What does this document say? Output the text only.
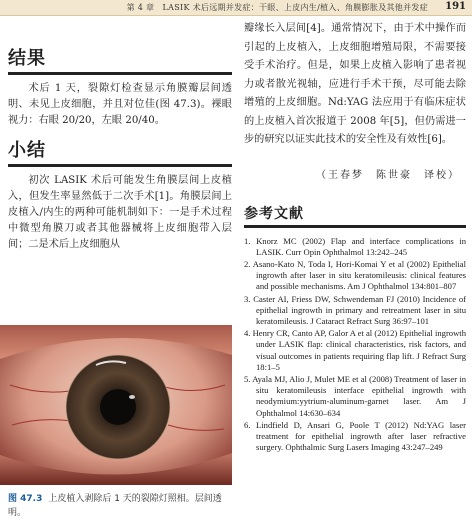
第 4 章　LASIK 术后远期并发症：干眼、上皮内生/植入、角膜膨胀及其他并发症 191
结果

术后 1 天，裂隙灯检查显示角膜瓣层间透明、未见上皮细胞，并且对位佳(图 47.3)。裸眼视力：右眼 20/20，左眼 20/40。

小结

初次 LASIK 术后可能发生角膜层间上皮植入，但发生率显然低于二次手术[1]。角膜层间上皮植入/内生的两种可能机制如下：一是手术过程中微型角膜刀或者其他器械将上皮细胞带入层间；二是术后上皮细胞从

图 47.3 上皮植入剥除后 1 天的裂隙灯照相。层间透明。

瓣缘长入层间[4]。通常情况下，由于术中操作而引起的上皮植入，上皮细胞增殖局限，不需要接受手术治疗。但是，如果上皮植入影响了患者视力或者散光视轴，应进行手术干预，尽可能去除增殖的上皮细胞。Nd:YAG 法应用于有临床症状的上皮植入首次报道于 2008 年[5]，但仍需进一步的研究以证实此技术的安全性及有效性[6]。

（王春梦　陈世豪　译校）
参考文献
1. Knorz MC (2002) Flap and interface complications in LASIK. Curr Opin Ophthalmol 13:242–245
2. Asano-Kato N, Toda I, Hori-Komai Y et al (2002) Epithelial ingrowth after laser in situ keratomileusis: clinical features and possible mechanisms. Am J Ophthalmol 134:801–807
3. Caster AI, Friess DW, Schwendeman FJ (2010) Incidence of epithelial ingrowth in primary and retreatment laser in situ keratomileusis. J Cataract Refract Surg 36:97–101
4. Henry CR, Canto AP, Galor A et al (2012) Epithelial ingrowth under LASIK flap: clinical characteristics, risk factors, and visual outcomes in patients requiring flap lift. J Refract Surg 18:1–5
5. Ayala MJ, Alio J, Mulet ME et al (2008) Treatment of laser in situ keratomileusis interface epithelial ingrowth with neodymium:yytrium-aluminum-garnet laser. Am J Ophthalmol 14:630–634
6. Lindfield D, Ansari G, Poole T (2012) Nd:YAG laser treatment for epithelial ingrowth after laser refractive surgery. Ophthalmic Surg Lasers Imaging 43:247–249
